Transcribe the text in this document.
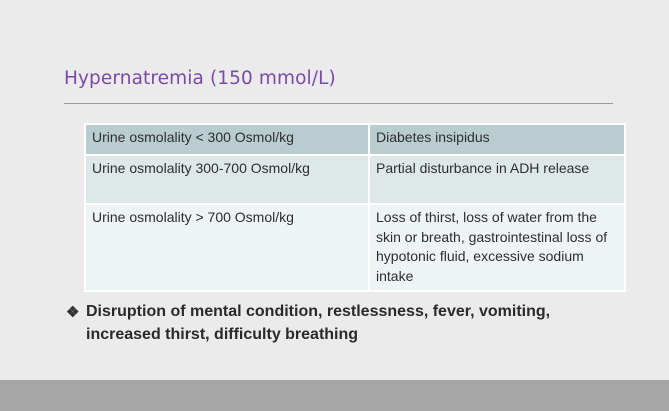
Hypernatremia (150 mmol/L)
Urine osmolality < 300 Osmol/kg	Diabetes insipidus
Urine osmolality 300-700 Osmol/kg	Partial disturbance in ADH release
Urine osmolality > 700 Osmol/kg	Loss of thirst, loss of water from the skin or breath, gastrointestinal loss of hypotonic fluid, excessive sodium intake
❖ Disruption of mental condition, restlessness, fever, vomiting, increased thirst, difficulty breathing
